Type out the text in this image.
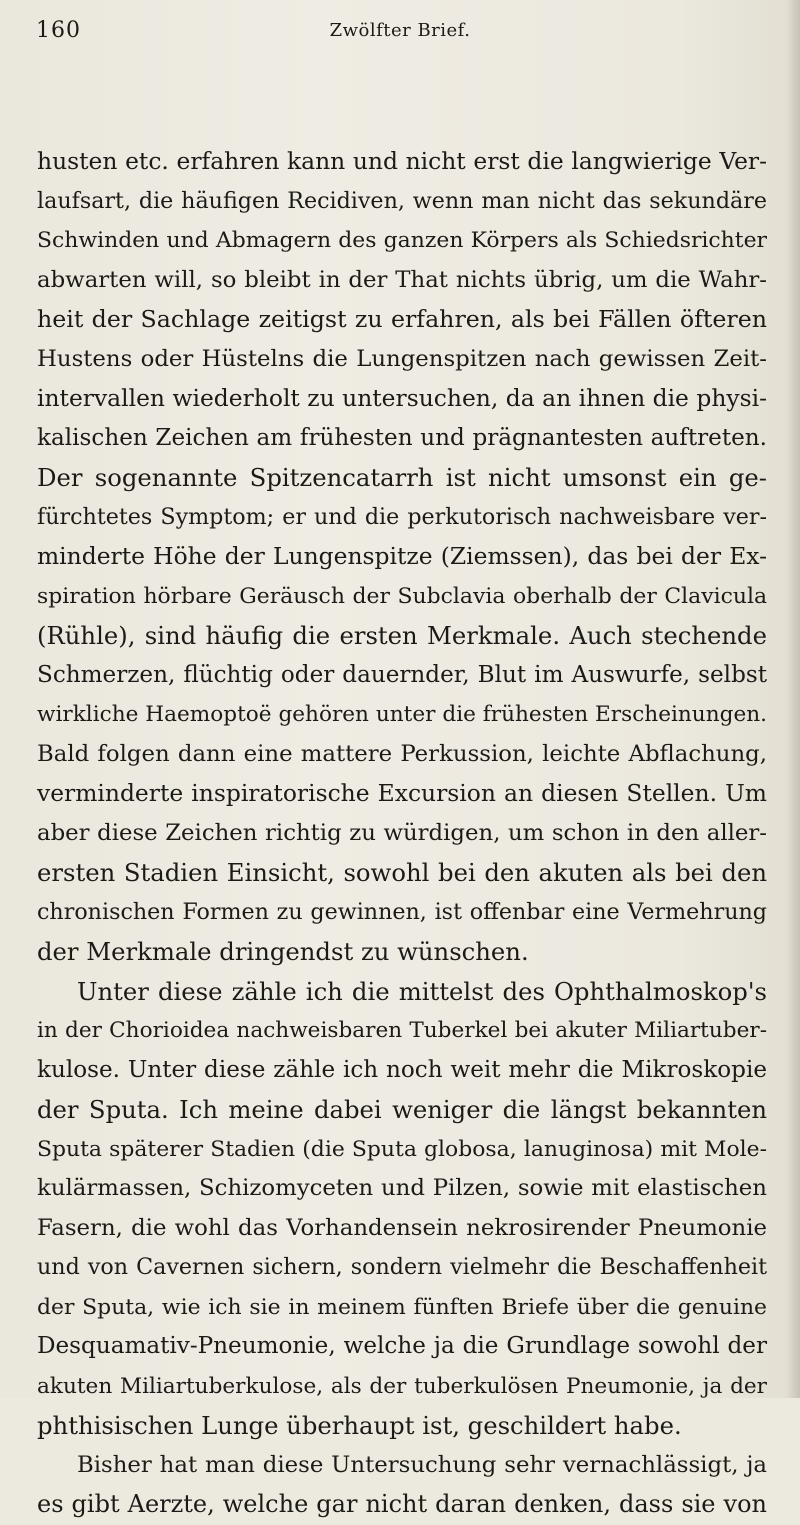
160	Zwölfter Brief.
husten etc. erfahren kann und nicht erst die langwierige Ver-
laufsart, die häufigen Recidiven, wenn man nicht das sekundäre
Schwinden und Abmagern des ganzen Körpers als Schiedsrichter
abwarten will, so bleibt in der That nichts übrig, um die Wahr-
heit der Sachlage zeitigst zu erfahren, als bei Fällen öfteren
Hustens oder Hüstelns die Lungenspitzen nach gewissen Zeit-
intervallen wiederholt zu untersuchen, da an ihnen die physi-
kalischen Zeichen am frühesten und prägnantesten auftreten.
Der sogenannte Spitzencatarrh ist nicht umsonst ein ge-
fürchtetes Symptom; er und die perkutorisch nachweisbare ver-
minderte Höhe der Lungenspitze (Ziemssen), das bei der Ex-
spiration hörbare Geräusch der Subclavia oberhalb der Clavicula
(Rühle), sind häufig die ersten Merkmale. Auch stechende
Schmerzen, flüchtig oder dauernder, Blut im Auswurfe, selbst
wirkliche Haemoptoë gehören unter die frühesten Erscheinungen.
Bald folgen dann eine mattere Perkussion, leichte Abflachung,
verminderte inspiratorische Excursion an diesen Stellen. Um
aber diese Zeichen richtig zu würdigen, um schon in den aller-
ersten Stadien Einsicht, sowohl bei den akuten als bei den
chronischen Formen zu gewinnen, ist offenbar eine Vermehrung
der Merkmale dringendst zu wünschen.
Unter diese zähle ich die mittelst des Ophthalmoskop's
in der Chorioidea nachweisbaren Tuberkel bei akuter Miliartuber-
kulose. Unter diese zähle ich noch weit mehr die Mikroskopie
der Sputa. Ich meine dabei weniger die längst bekannten
Sputa späterer Stadien (die Sputa globosa, lanuginosa) mit Mole-
kulärmassen, Schizomyceten und Pilzen, sowie mit elastischen
Fasern, die wohl das Vorhandensein nekrosirender Pneumonie
und von Cavernen sichern, sondern vielmehr die Beschaffenheit
der Sputa, wie ich sie in meinem fünften Briefe über die genuine
Desquamativ-Pneumonie, welche ja die Grundlage sowohl der
akuten Miliartuberkulose, als der tuberkulösen Pneumonie, ja der
phthisischen Lunge überhaupt ist, geschildert habe.
Bisher hat man diese Untersuchung sehr vernachlässigt, ja
es gibt Aerzte, welche gar nicht daran denken, dass sie von
